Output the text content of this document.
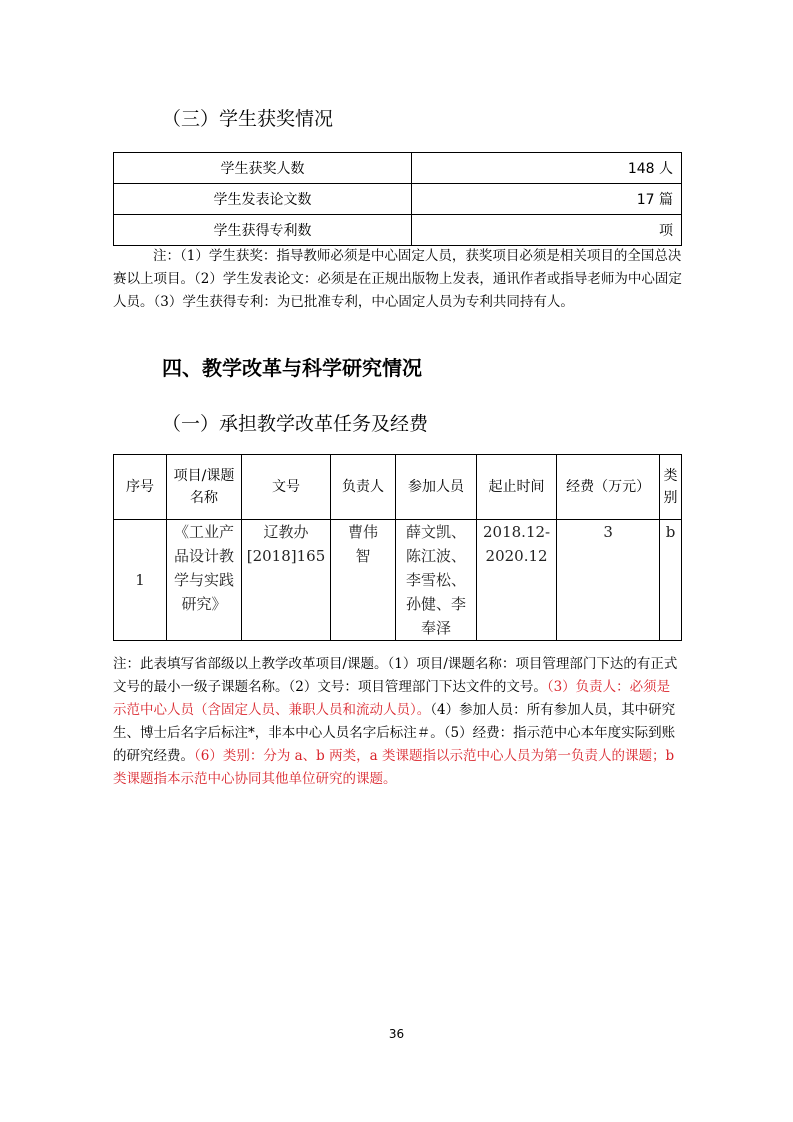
（三）学生获奖情况
学生获奖人数	148 人
学生发表论文数	17 篇
学生获得专利数	项
注：（1）学生获奖：指导教师必须是中心固定人员，获奖项目必须是相关项目的全国总决赛以上项目。（2）学生发表论文：必须是在正规出版物上发表，通讯作者或指导老师为中心固定人员。（3）学生获得专利：为已批准专利，中心固定人员为专利共同持有人。
四、教学改革与科学研究情况
（一）承担教学改革任务及经费
序号	项目/课题名称	文号	负责人	参加人员	起止时间	经费（万元）	类别
1	《工业产品设计教学与实践研究》	辽教办[2018]165	曹伟智	薛文凯、陈江波、李雪松、孙健、李奉泽	2018.12-2020.12	3	b
注：此表填写省部级以上教学改革项目/课题。（1）项目/课题名称：项目管理部门下达的有正式文号的最小一级子课题名称。（2）文号：项目管理部门下达文件的文号。（3）负责人：必须是示范中心人员（含固定人员、兼职人员和流动人员）。（4）参加人员：所有参加人员，其中研究生、博士后名字后标注*，非本中心人员名字后标注＃。（5）经费：指示范中心本年度实际到账的研究经费。（6）类别：分为 a、b 两类，a 类课题指以示范中心人员为第一负责人的课题；b 类课题指本示范中心协同其他单位研究的课题。
36
